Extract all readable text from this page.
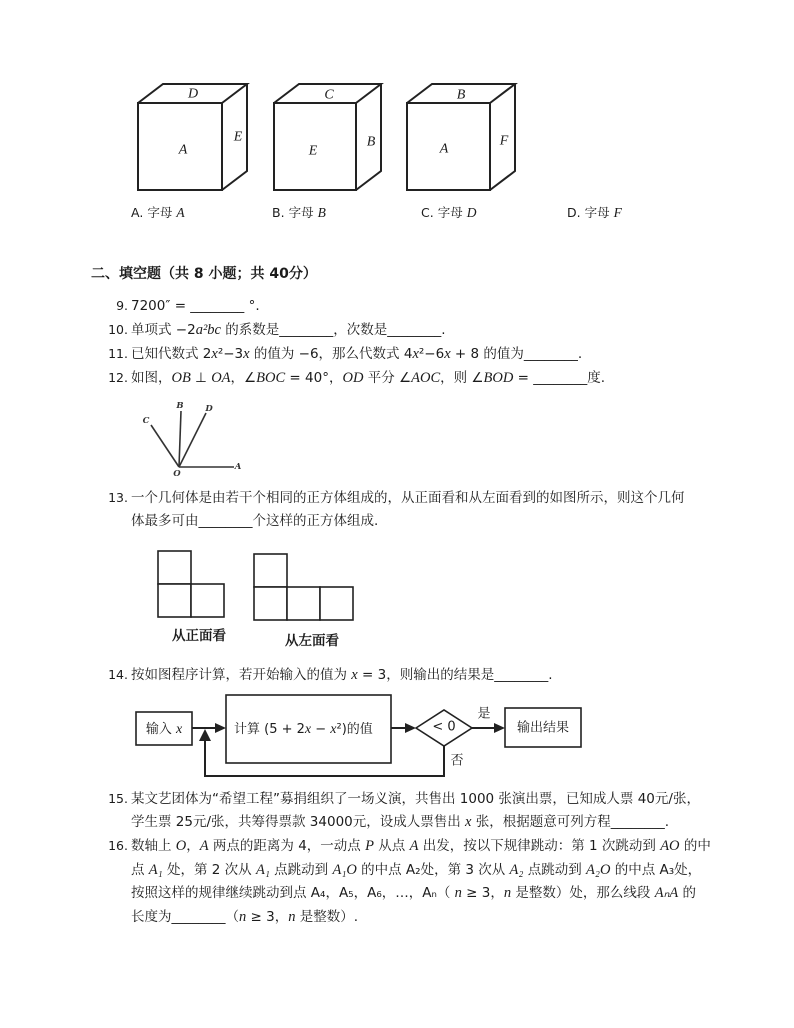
D
A
E
C
E
B
B
A
F
A. 字母 A	B. 字母 B	C. 字母 D	D. 字母 F
二、填空题（共 8 小题；共 40分）
9. 7200″ = ________ °.
10. 单项式 −2 a²bc 的系数是________，次数是________.
11. 已知代数式 2 x ²−3 x 的值为 −6，那么代数式 4 x ²−6 x + 8 的值为________.
12. 如图， OB ⊥ OA ，∠ BOC = 40°， OD 平分 ∠ AOC ，则 ∠ BOD = ________度.
C
B	D
O
A
13. 一个几何体是由若干个相同的正方体组成的，从正面看和从左面看到的如图所示，则这个几何
体最多可由________个这样的正方体组成.
从正面看	从左面看
14. 按如图程序计算，若开始输入的值为 x = 3，则输出的结果是________.
输入 x	计算 (5 + 2x − x²)的值	< 0
是
输出结果
否
15. 某文艺团体为“希望工程”募捐组织了一场义演，共售出 1000 张演出票，已知成人票 40元/张，
学生票 25元/张，共筹得票款 34000元，设成人票售出 x 张，根据题意可列方程________.
16. 数轴上 O ， A 两点的距离为 4，一动点 P 从点 A 出发，按以下规律跳动：第 1 次跳动到 AO 的中
点 A₁ 处，第 2 次从 A₁ 点跳动到 A₁O 的中点 A₂处，第 3 次从 A₂ 点跳动到 A₂O 的中点 A₃处，
按照这样的规律继续跳动到点 A₄，A₅，A₆，…，Aₙ（ n ≥ 3， n 是整数）处，那么线段 AₙA 的
长度为________（ n ≥ 3， n 是整数）.
